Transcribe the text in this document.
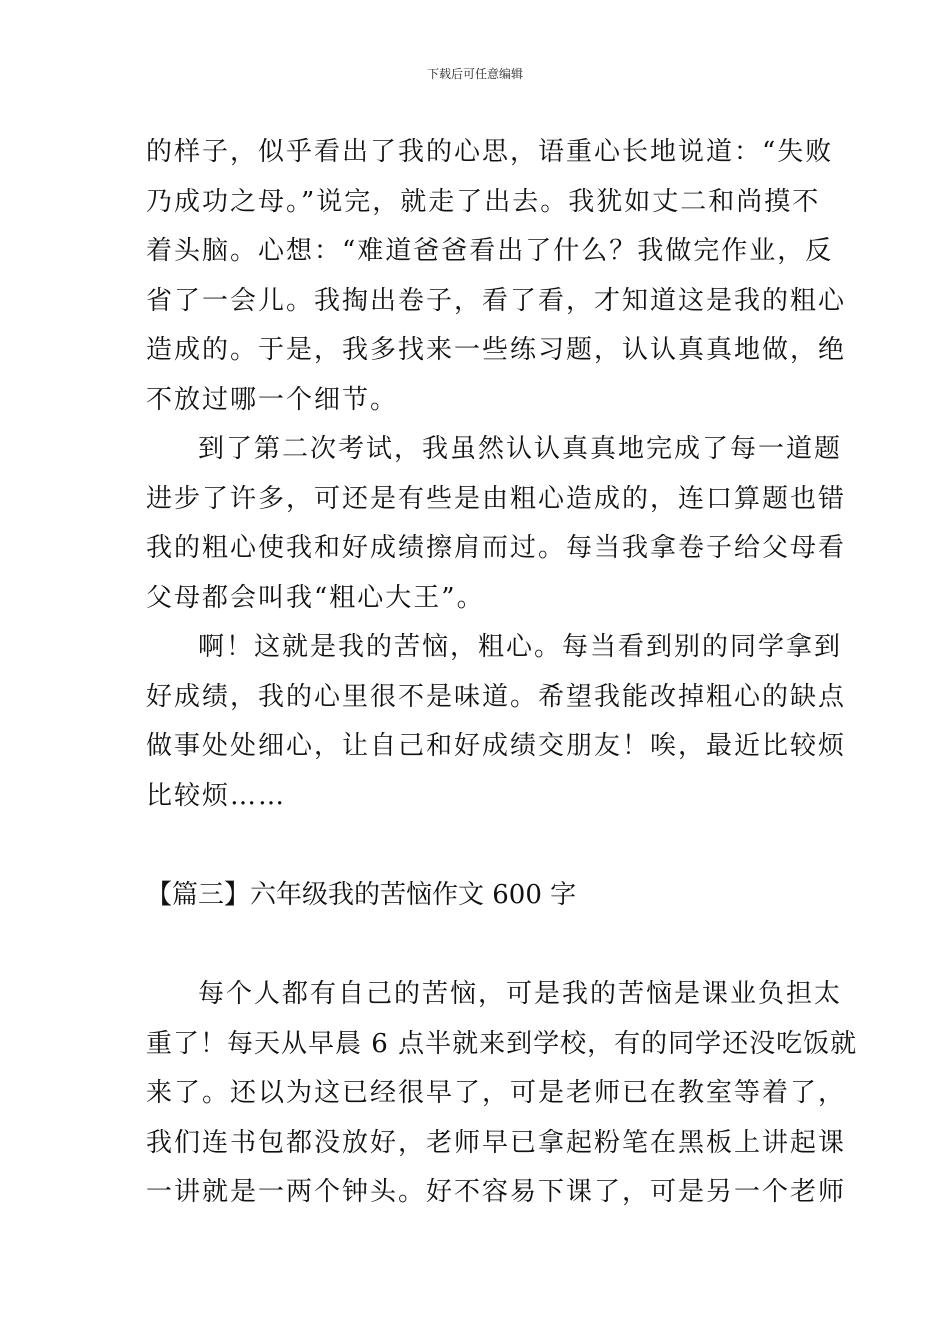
下载后可任意编辑
的样子，似乎看出了我的心思，语重心长地说道：“失败
乃成功之母。”说完，就走了出去。我犹如丈二和尚摸不
着头脑。心想：“难道爸爸看出了什么？我做完作业，反
省了一会儿。我掏出卷子，看了看，才知道这是我的粗心
造成的。于是，我多找来一些练习题，认认真真地做，绝
不放过哪一个细节。
到了第二次考试，我虽然认认真真地完成了每一道题
进步了许多，可还是有些是由粗心造成的，连口算题也错
我的粗心使我和好成绩擦肩而过。每当我拿卷子给父母看
父母都会叫我“粗心大王”。
啊！这就是我的苦恼，粗心。每当看到别的同学拿到
好成绩，我的心里很不是味道。希望我能改掉粗心的缺点
做事处处细心，让自己和好成绩交朋友！唉，最近比较烦
比较烦……
【篇三】六年级我的苦恼作文 600 字
每个人都有自己的苦恼，可是我的苦恼是课业负担太
重了！每天从早晨 6 点半就来到学校，有的同学还没吃饭就
来了。还以为这已经很早了，可是老师已在教室等着了，
我们连书包都没放好，老师早已拿起粉笔在黑板上讲起课
一讲就是一两个钟头。好不容易下课了，可是另一个老师
